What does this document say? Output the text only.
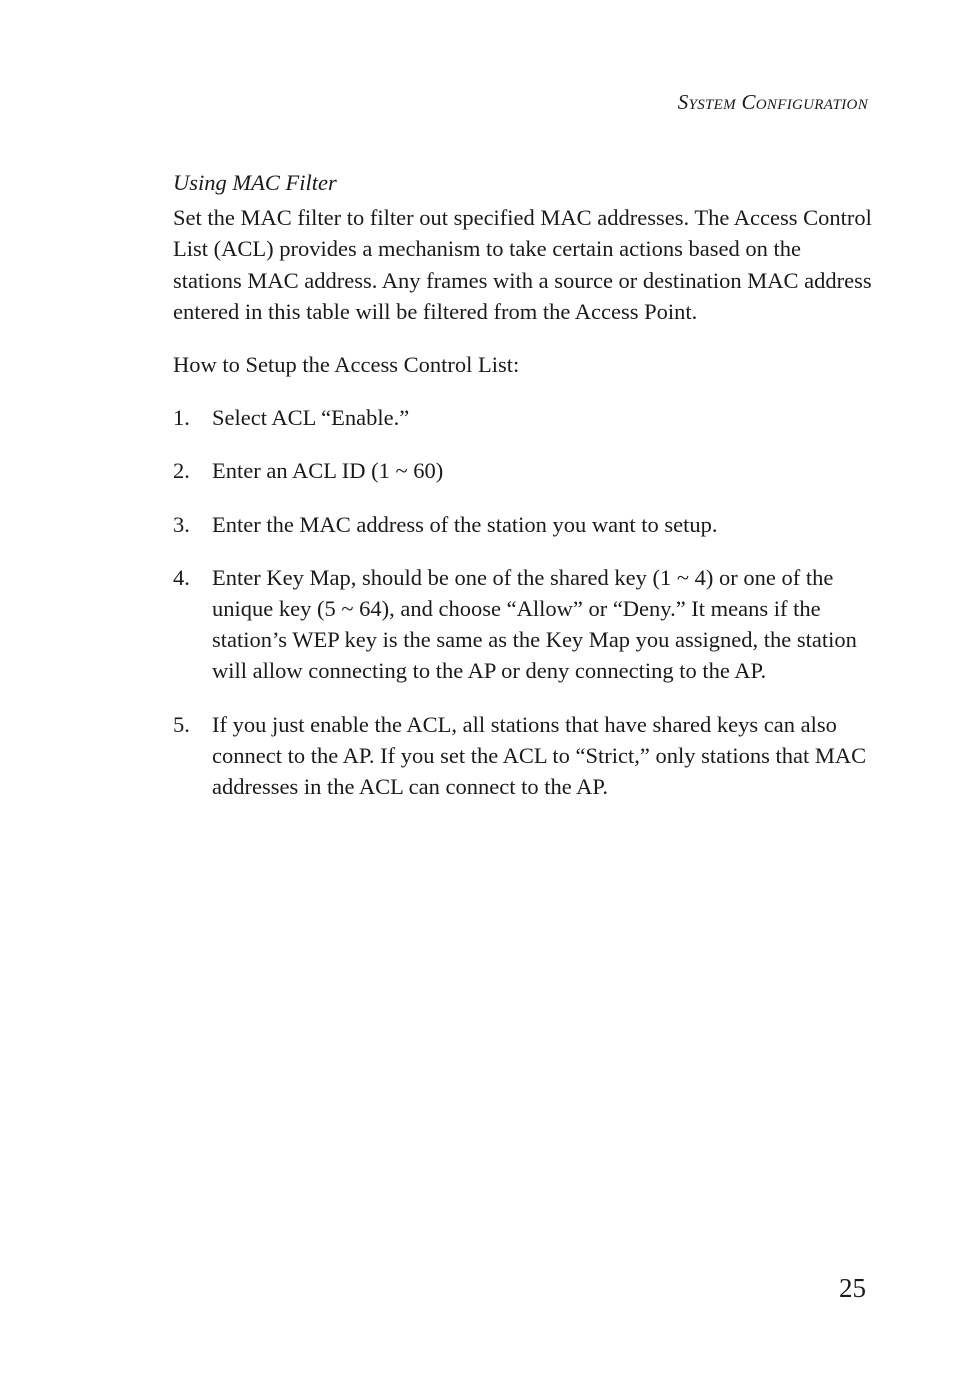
System Configuration
Using MAC Filter

Set the MAC filter to filter out specified MAC addresses. The Access Control List (ACL) provides a mechanism to take certain actions based on the stations MAC address. Any frames with a source or destination MAC address entered in this table will be filtered from the Access Point.

How to Setup the Access Control List:

1. Select ACL “Enable.”
2. Enter an ACL ID (1 ~ 60)
3. Enter the MAC address of the station you want to setup.
4. Enter Key Map, should be one of the shared key (1 ~ 4) or one of the unique key (5 ~ 64), and choose “Allow” or “Deny.” It means if the station’s WEP key is the same as the Key Map you assigned, the station will allow connecting to the AP or deny connecting to the AP.
5. If you just enable the ACL, all stations that have shared keys can also connect to the AP. If you set the ACL to “Strict,” only stations that MAC addresses in the ACL can connect to the AP.
25
